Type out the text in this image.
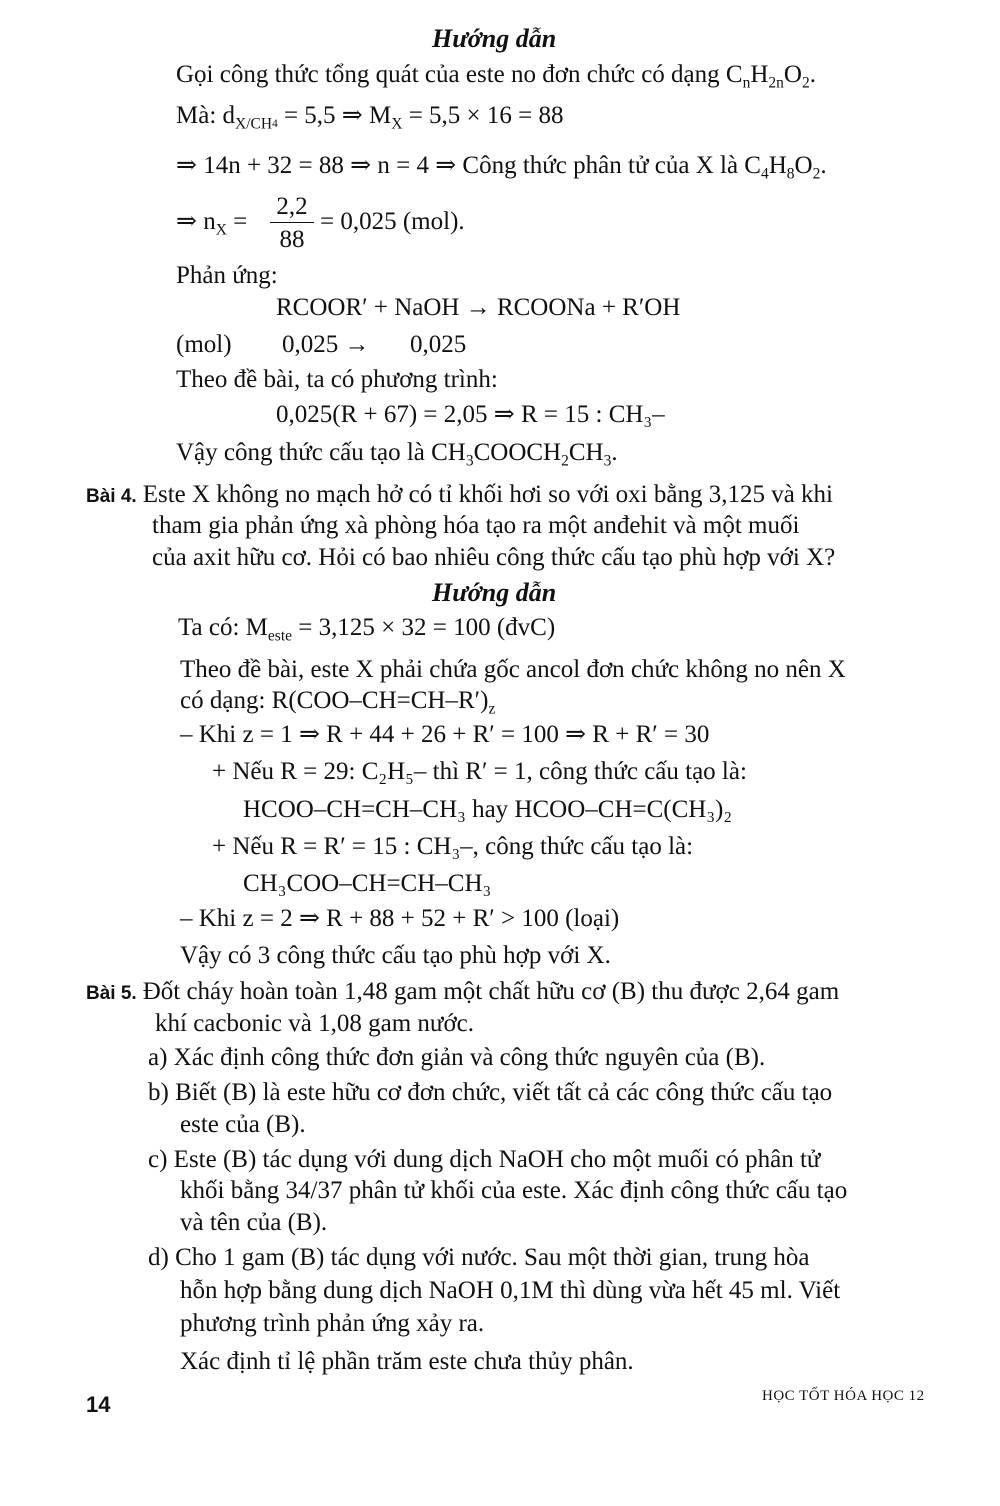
Hướng dẫn
Gọi công thức tổng quát của este no đơn chức có dạng $C_nH_{2n}O_2$.
Mà: $d_{X/CH4} = 5,5$ ⇒ $M_X = 5,5 \times 16 = 88$
⇒ 14n + 32 = 88 ⇒ n = 4 ⇒ Công thức phân tử của X là $C_4H_8O_2$.
⇒ $n_X$ =
2,2
88
= 0,025 (mol).
Phản ứng:
RCOOR′ + NaOH → RCOONa + R′OH
(mol) 0,025 → 0,025
Theo đề bài, ta có phương trình:
0,025(R + 67) = 2,05 ⇒ R = 15 : CH₃–
Vậy công thức cấu tạo là $CH_3COOCH_2CH_3$.
Bài 4. Este X không no mạch hở có tỉ khối hơi so với oxi bằng 3,125 và khi
tham gia phản ứng xà phòng hóa tạo ra một anđehit và một muối
của axit hữu cơ. Hỏi có bao nhiêu công thức cấu tạo phù hợp với X?
Hướng dẫn
Ta có: $M_{este} = 3,125 \times 32 = 100$ (đvC)
Theo đề bài, este X phải chứa gốc ancol đơn chức không no nên X
có dạng: $R(COO-CH=CH-R')_z$
– Khi z = 1 ⇒ R + 44 + 26 + R′ = 100 ⇒ R + R′ = 30
+ Nếu R = 29: C₂H₅– thì R′ = 1, công thức cấu tạo là:
HCOO–CH=CH–CH₃ hay HCOO–CH=C(CH₃)₂
+ Nếu R = R′ = 15 : CH₃–, công thức cấu tạo là:
CH₃COO–CH=CH–CH₃
– Khi z = 2 ⇒ R + 88 + 52 + R′ > 100 (loại)
Vậy có 3 công thức cấu tạo phù hợp với X.
Bài 5. Đốt cháy hoàn toàn 1,48 gam một chất hữu cơ (B) thu được 2,64 gam
khí cacbonic và 1,08 gam nước.
a) Xác định công thức đơn giản và công thức nguyên của (B).
b) Biết (B) là este hữu cơ đơn chức, viết tất cả các công thức cấu tạo
este của (B).
c) Este (B) tác dụng với dung dịch NaOH cho một muối có phân tử
khối bằng 34/37 phân tử khối của este. Xác định công thức cấu tạo
và tên của (B).
d) Cho 1 gam (B) tác dụng với nước. Sau một thời gian, trung hòa
hỗn hợp bằng dung dịch NaOH 0,1M thì dùng vừa hết 45 ml. Viết
phương trình phản ứng xảy ra.
Xác định tỉ lệ phần trăm este chưa thủy phân.
14	HỌC TỐT HÓA HỌC 12
